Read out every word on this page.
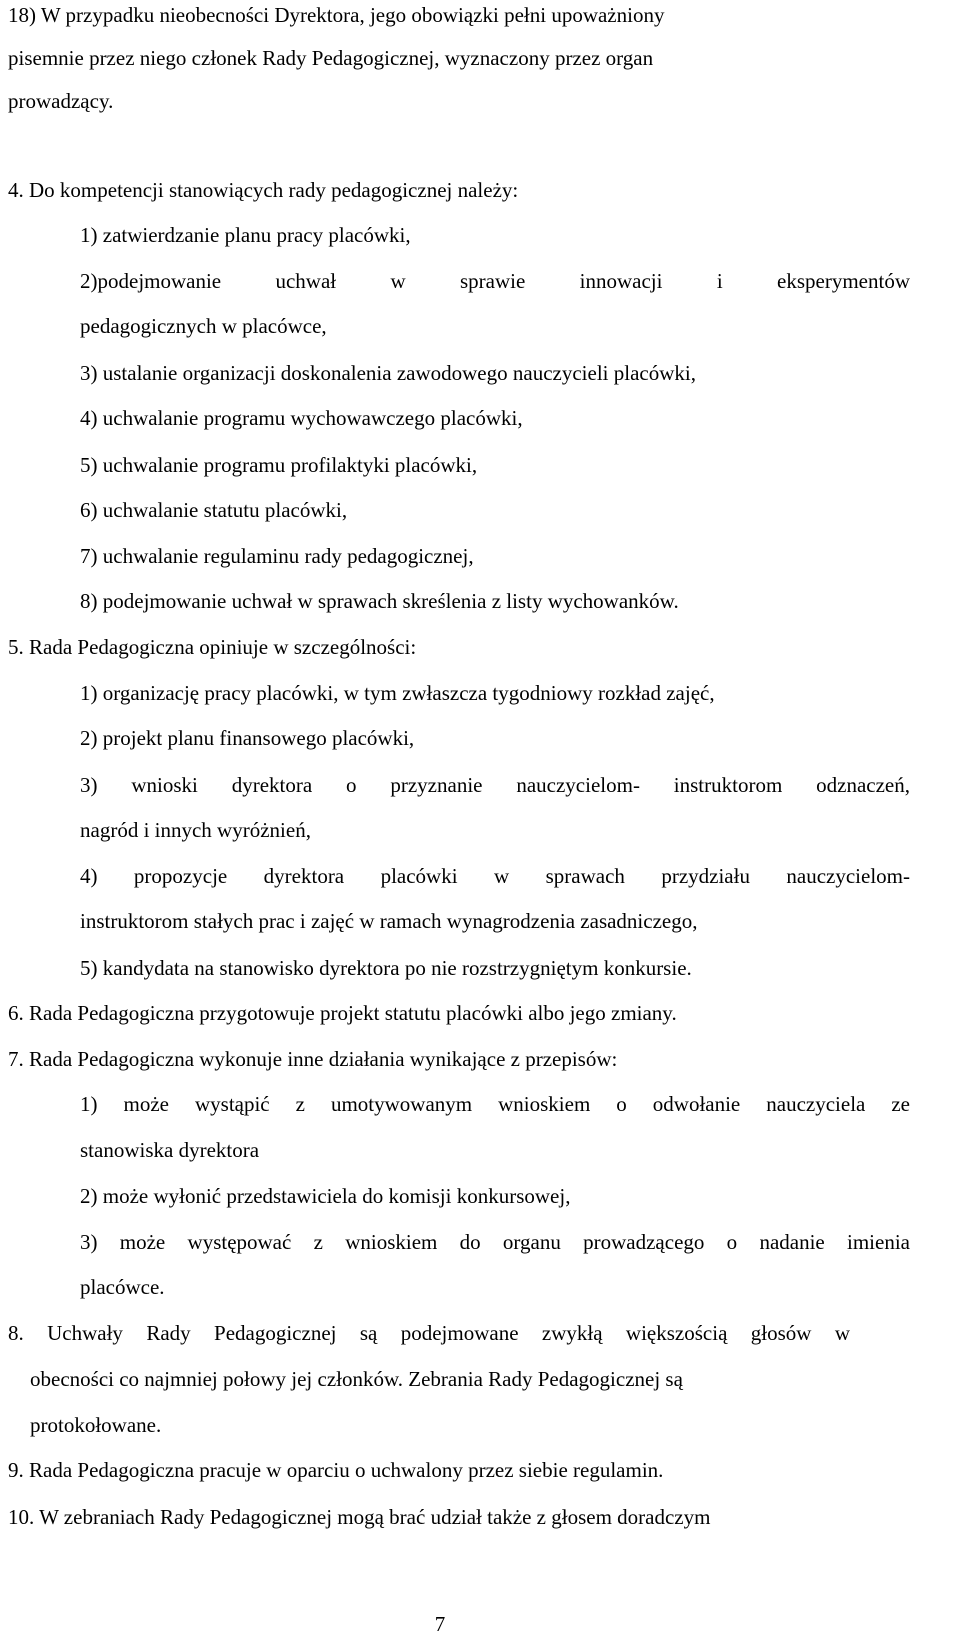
18) W przypadku nieobecności Dyrektora, jego obowiązki pełni upoważniony
pisemnie przez niego członek Rady Pedagogicznej, wyznaczony przez organ
prowadzący.
4. Do kompetencji stanowiących rady pedagogicznej należy:
1) zatwierdzanie planu pracy placówki,
2)podejmowanie uchwał w sprawie innowacji i eksperymentów
pedagogicznych w placówce,
3) ustalanie organizacji doskonalenia zawodowego nauczycieli placówki,
4) uchwalanie programu wychowawczego placówki,
5) uchwalanie programu profilaktyki placówki,
6) uchwalanie statutu placówki,
7) uchwalanie regulaminu rady pedagogicznej,
8) podejmowanie uchwał w sprawach skreślenia z listy wychowanków.
5. Rada Pedagogiczna opiniuje w szczególności:
1) organizację pracy placówki, w tym zwłaszcza tygodniowy rozkład zajęć,
2) projekt planu finansowego placówki,
3) wnioski dyrektora o przyznanie nauczycielom- instruktorom odznaczeń,
nagród i innych wyróżnień,
4) propozycje dyrektora placówki w sprawach przydziału nauczycielom-
instruktorom stałych prac i zajęć w ramach wynagrodzenia zasadniczego,
5) kandydata na stanowisko dyrektora po nie rozstrzygniętym konkursie.
6. Rada Pedagogiczna przygotowuje projekt statutu placówki albo jego zmiany.
7. Rada Pedagogiczna wykonuje inne działania wynikające z przepisów:
1) może wystąpić z umotywowanym wnioskiem o odwołanie nauczyciela ze
stanowiska dyrektora
2) może wyłonić przedstawiciela do komisji konkursowej,
3) może występować z wnioskiem do organu prowadzącego o nadanie imienia
placówce.
8. Uchwały Rady Pedagogicznej są podejmowane zwykłą większością głosów w
obecności co najmniej połowy jej członków. Zebrania Rady Pedagogicznej są
protokołowane.
9. Rada Pedagogiczna pracuje w oparciu o uchwalony przez siebie regulamin.
10. W zebraniach Rady Pedagogicznej mogą brać udział także z głosem doradczym
7
